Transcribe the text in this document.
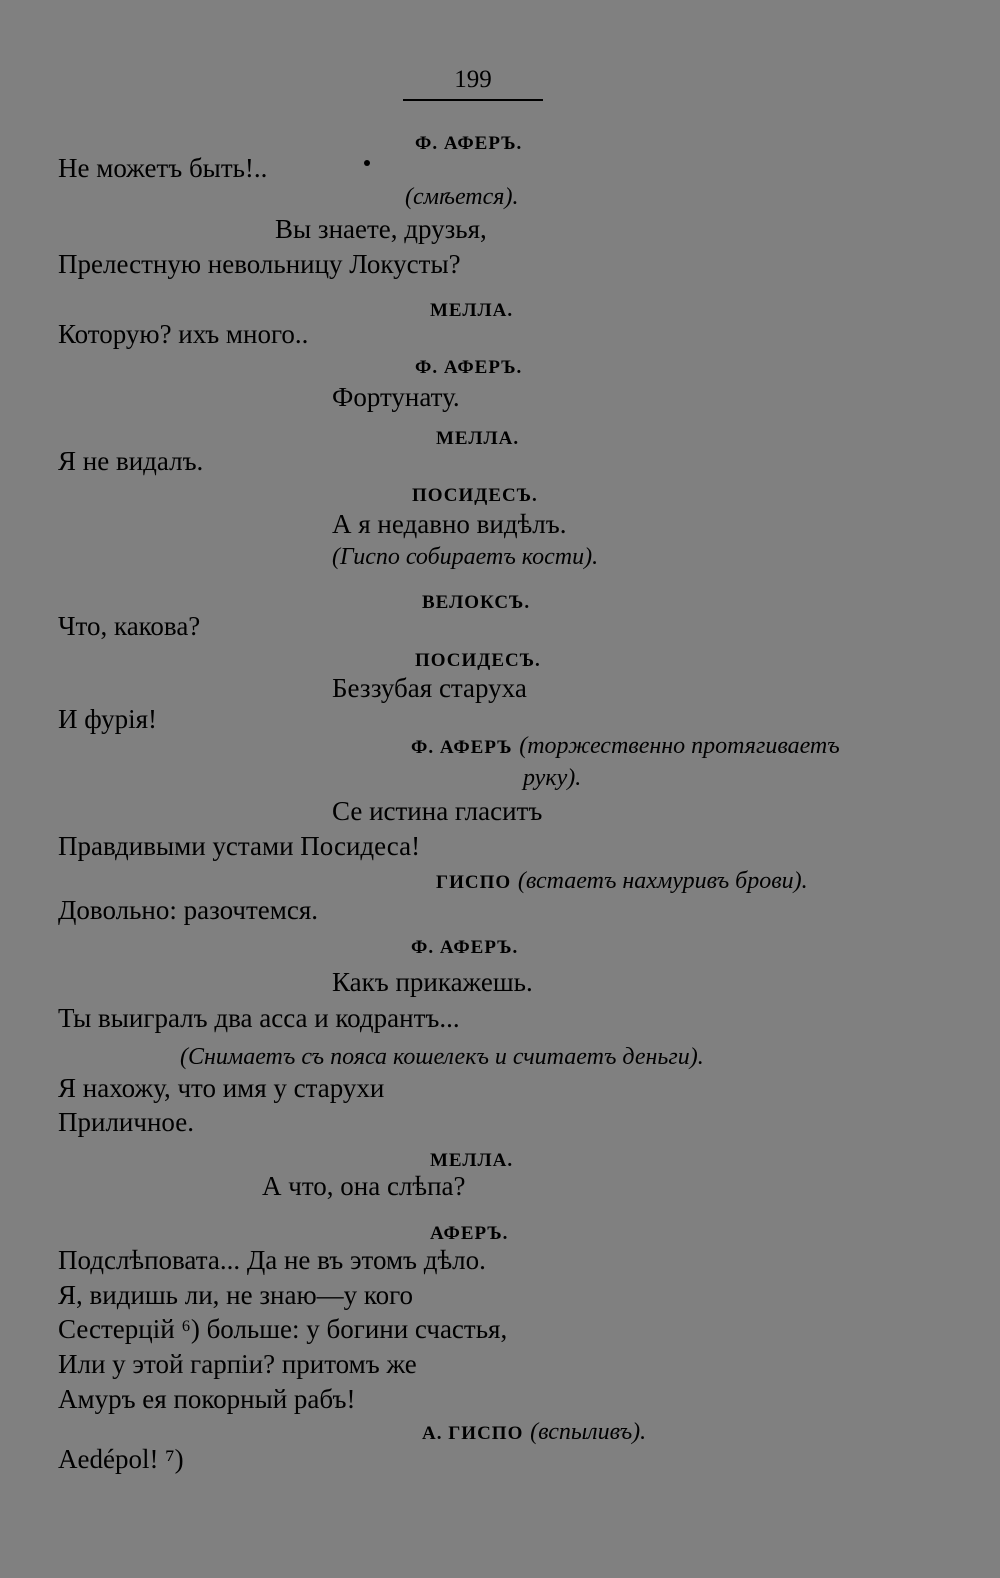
199
Ф. АФЕРЪ.
Не можетъ быть!..
(смѣется).
Вы знаете, друзья,
Прелестную невольницу Локусты?
МЕЛЛА.
Которую? ихъ много..
Ф. АФЕРЪ.
Фортунату.
МЕЛЛА.
Я не видалъ.
ПОСИДЕСЪ.
А я недавно видѣлъ.
(Гиспо собираетъ кости).
ВЕЛОКСЪ.
Что, какова?
ПОСИДЕСЪ.
Беззубая старуха
И фурія!
Ф. АФЕРЪ (торжественно протягиваетъ
руку).
Се истина гласитъ
Правдивыми устами Посидеса!
ГИСПО (встаетъ нахмуривъ брови).
Довольно: разочтемся.
Ф. АФЕРЪ.
Какъ прикажешь.
Ты выигралъ два асса и кодрантъ...
(Снимаетъ съ пояса кошелекъ и считаетъ деньги).
Я нахожу, что имя у старухи
Приличное.
МЕЛЛА.
А что, она слѣпа?
АФЕРЪ.
Подслѣповата... Да не въ этомъ дѣло.
Я, видишь ли, не знаю—у кого
Сестерцій ⁶) больше: у богини счастья,
Или у этой гарпіи? притомъ же
Амуръ ея покорный рабъ!
А. ГИСПО (вспыливъ).
Aedépol! ⁷)
